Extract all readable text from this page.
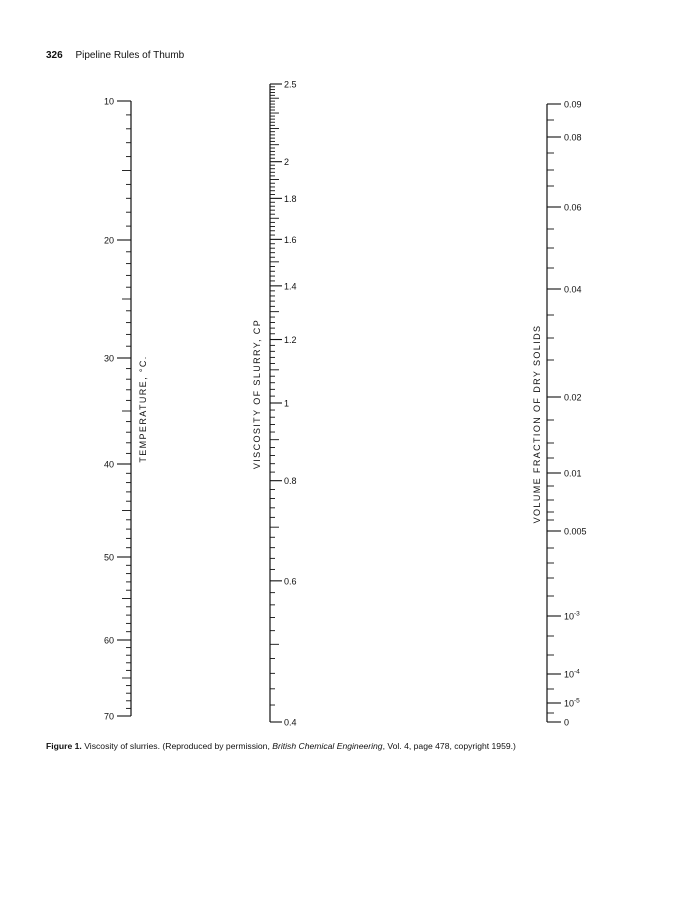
326 Pipeline Rules of Thumb
10
20
30
40
50
60
70
TEMPERATURE, °C.
2.5
2
1.8
1.6
1.4
1.2
1
0.8
0.6
0.4
VISCOSITY OF SLURRY, CP
0.09
0.08
0.06
0.04
0.02
0.01
0.005
$10^{-3}$
$10^{-4}$
$10^{-5}$
0
VOLUME FRACTION OF DRY SOLIDS
Figure 1. Viscosity of slurries. (Reproduced by permission, British Chemical Engineering, Vol. 4, page 478, copyright 1959.)
